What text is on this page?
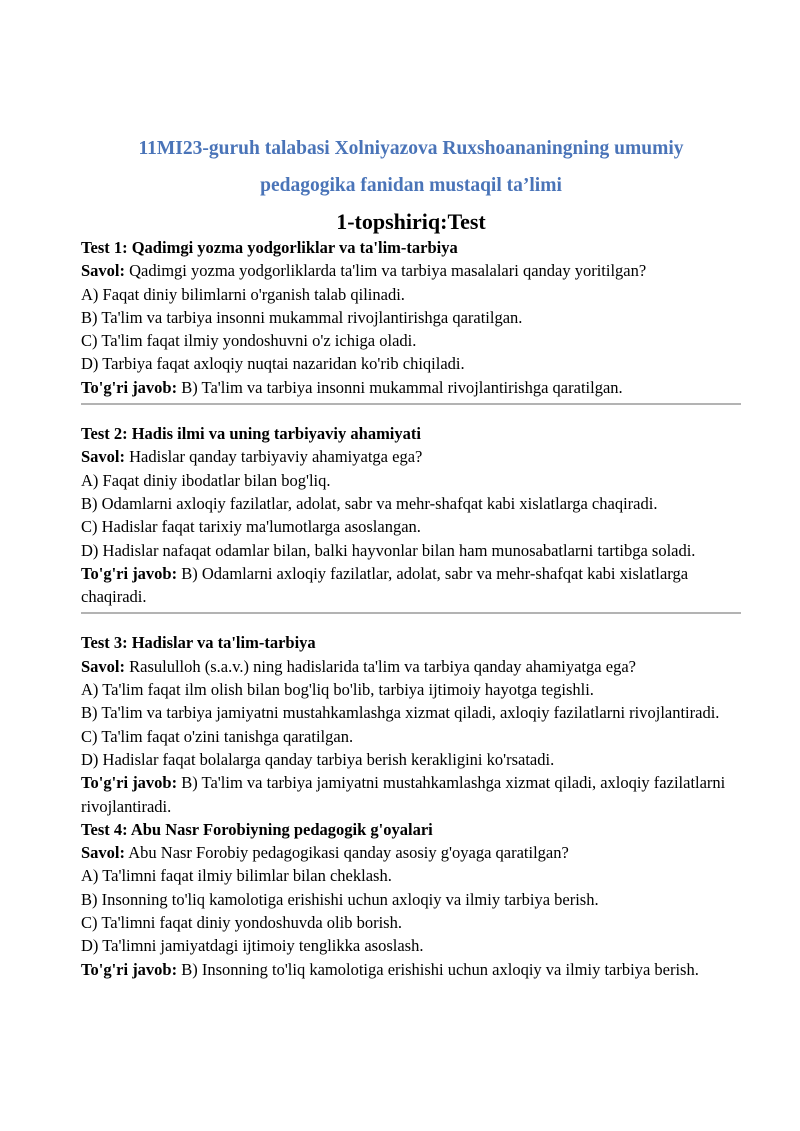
11MI23-guruh talabasi Xolniyazova Ruxshoananingning umumiy

pedagogika fanidan mustaqil ta’limi

1-topshiriq:Test

Test 1: Qadimgi yozma yodgorliklar va ta'lim-tarbiya

Savol: Qadimgi yozma yodgorliklarda ta'lim va tarbiya masalalari qanday yoritilgan?

A) Faqat diniy bilimlarni o'rganish talab qilinadi.

B) Ta'lim va tarbiya insonni mukammal rivojlantirishga qaratilgan.

C) Ta'lim faqat ilmiy yondoshuvni o'z ichiga oladi.

D) Tarbiya faqat axloqiy nuqtai nazaridan ko'rib chiqiladi.

To'g'ri javob: B) Ta'lim va tarbiya insonni mukammal rivojlantirishga qaratilgan.

Test 2: Hadis ilmi va uning tarbiyaviy ahamiyati

Savol: Hadislar qanday tarbiyaviy ahamiyatga ega?

A) Faqat diniy ibodatlar bilan bog'liq.

B) Odamlarni axloqiy fazilatlar, adolat, sabr va mehr-shafqat kabi xislatlarga chaqiradi.

C) Hadislar faqat tarixiy ma'lumotlarga asoslangan.

D) Hadislar nafaqat odamlar bilan, balki hayvonlar bilan ham munosabatlarni tartibga soladi.

To'g'ri javob: B) Odamlarni axloqiy fazilatlar, adolat, sabr va mehr-shafqat kabi xislatlarga chaqiradi.

Test 3: Hadislar va ta'lim-tarbiya

Savol: Rasululloh (s.a.v.) ning hadislarida ta'lim va tarbiya qanday ahamiyatga ega?

A) Ta'lim faqat ilm olish bilan bog'liq bo'lib, tarbiya ijtimoiy hayotga tegishli.

B) Ta'lim va tarbiya jamiyatni mustahkamlashga xizmat qiladi, axloqiy fazilatlarni rivojlantiradi.

C) Ta'lim faqat o'zini tanishga qaratilgan.

D) Hadislar faqat bolalarga qanday tarbiya berish kerakligini ko'rsatadi.

To'g'ri javob: B) Ta'lim va tarbiya jamiyatni mustahkamlashga xizmat qiladi, axloqiy fazilatlarni rivojlantiradi.

Test 4: Abu Nasr Forobiyning pedagogik g'oyalari

Savol: Abu Nasr Forobiy pedagogikasi qanday asosiy g'oyaga qaratilgan?

A) Ta'limni faqat ilmiy bilimlar bilan cheklash.

B) Insonning to'liq kamolotiga erishishi uchun axloqiy va ilmiy tarbiya berish.

C) Ta'limni faqat diniy yondoshuvda olib borish.

D) Ta'limni jamiyatdagi ijtimoiy tenglikka asoslash.

To'g'ri javob: B) Insonning to'liq kamolotiga erishishi uchun axloqiy va ilmiy tarbiya berish.
